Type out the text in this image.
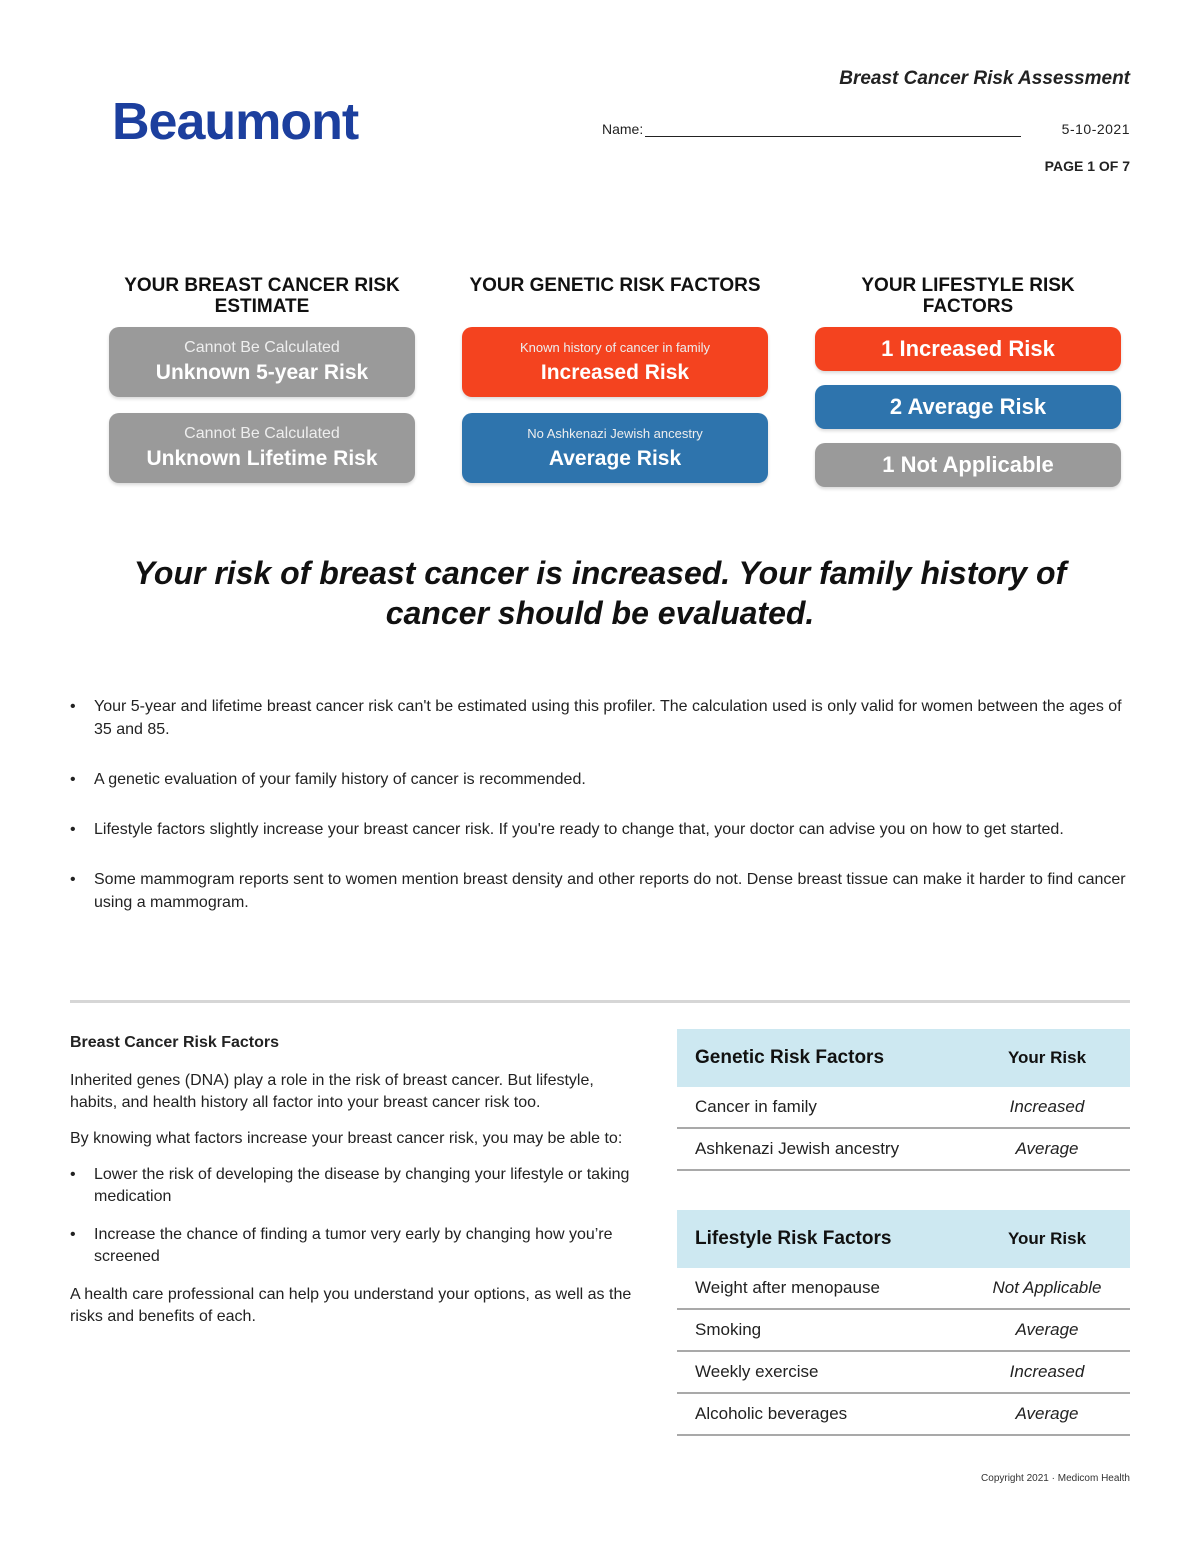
Beaumont
Breast Cancer Risk Assessment
Name:	5-10-2021
PAGE 1 OF 7
YOUR BREAST CANCER RISK ESTIMATE
Cannot Be Calculated
Unknown 5-year Risk
Cannot Be Calculated
Unknown Lifetime Risk
YOUR GENETIC RISK FACTORS
Known history of cancer in family
Increased Risk
No Ashkenazi Jewish ancestry
Average Risk
YOUR LIFESTYLE RISK FACTORS
1 Increased Risk
2 Average Risk
1 Not Applicable
Your risk of breast cancer is increased. Your family history of cancer should be evaluated.
• Your 5-year and lifetime breast cancer risk can't be estimated using this profiler. The calculation used is only valid for women between the ages of 35 and 85.
• A genetic evaluation of your family history of cancer is recommended.
• Lifestyle factors slightly increase your breast cancer risk. If you're ready to change that, your doctor can advise you on how to get started.
• Some mammogram reports sent to women mention breast density and other reports do not. Dense breast tissue can make it harder to find cancer using a mammogram.
Breast Cancer Risk Factors

Inherited genes (DNA) play a role in the risk of breast cancer. But lifestyle, habits, and health history all factor into your breast cancer risk too.

By knowing what factors increase your breast cancer risk, you may be able to:

• Lower the risk of developing the disease by changing your lifestyle or taking medication
• Increase the chance of finding a tumor very early by changing how you’re screened

A health care professional can help you understand your options, as well as the risks and benefits of each.

Genetic Risk Factors	Your Risk
Cancer in family	Increased
Ashkenazi Jewish ancestry	Average
Lifestyle Risk Factors	Your Risk
Weight after menopause	Not Applicable
Smoking	Average
Weekly exercise	Increased
Alcoholic beverages	Average
Copyright 2021 · Medicom Health
